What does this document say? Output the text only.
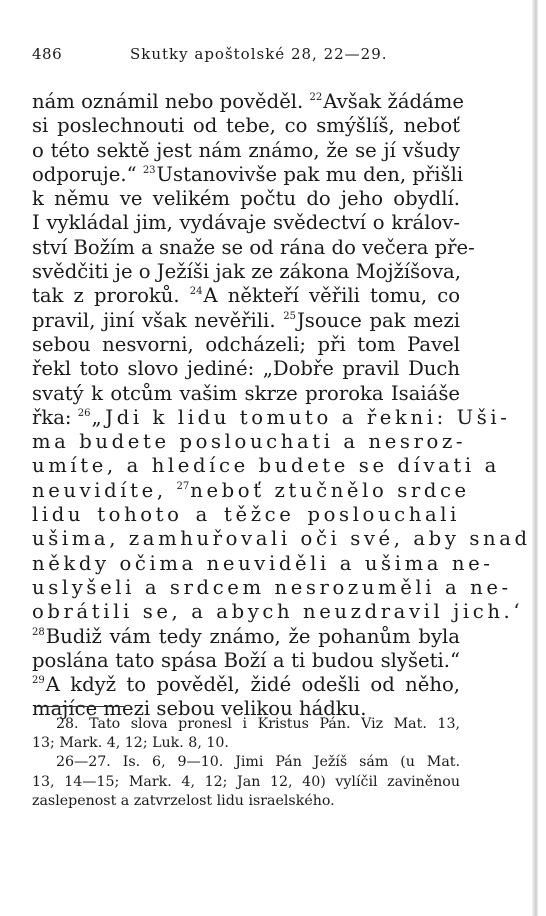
486	Skutky apoštolské 28, 22—29.
nám oznámil nebo pověděl. $^{22}$Avšak žádáme
si poslechnouti od tebe, co smýšlíš, neboť
o této sektě jest nám známo, že se jí všudy
odporuje.“ $^{23}$Ustanovivše pak mu den, přišli
k němu ve velikém počtu do jeho obydlí.
I vykládal jim, vydávaje svědectví o králov-
ství Božím a snaže se od rána do večera pře-
svědčiti je o Ježíši jak ze zákona Mojžíšova,
tak z proroků. $^{24}$A někteří věřili tomu, co
pravil, jiní však nevěřili. $^{25}$Jsouce pak mezi
sebou nesvorni, odcházeli; při tom Pavel
řekl toto slovo jediné: „Dobře pravil Duch
svatý k otcům vašim skrze proroka Isaiáše
řka: $^{26}$„Jdi k lidu tomuto a řekni: Uši-
ma budete poslouchati a nesroz-
umíte, a hledíce budete se dívati a
neuvidíte, $^{27}$neboť ztučnělo srdce
lidu tohoto a těžce poslouchali
ušima, zamhuřovali oči své, aby snad
někdy očima neuviděli a ušima ne-
uslyšeli a srdcem nesrozuměli a ne-
obrátili se, a abych neuzdravil jich.‘
$^{28}$Budiž vám tedy známo, že pohanům byla
poslána tato spása Boží a ti budou slyšeti.“
$^{29}$A když to pověděl, židé odešli od něho,
majíce mezi sebou velikou hádku.
28. Tato slova pronesl i Kristus Pán. Viz Mat. 13,
13; Mark. 4, 12; Luk. 8, 10.
26—27. Is. 6, 9—10. Jimi Pán Ježíš sám (u Mat.
13, 14—15; Mark. 4, 12; Jan 12, 40) vylíčil zaviněnou
zaslepenost a zatvrzelost lidu israelského.
